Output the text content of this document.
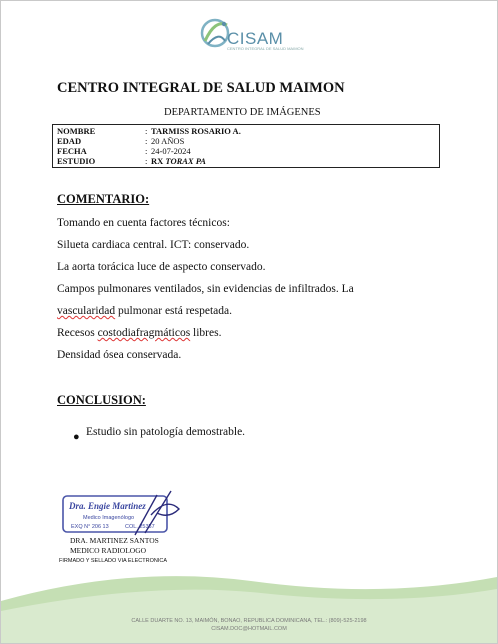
CISAM
CENTRO INTEGRAL DE SALUD MAIMON
CENTRO INTEGRAL DE SALUD MAIMON
DEPARTAMENTO DE IMÁGENES
NOMBRE	: TARMISS ROSARIO A.
EDAD	: 20 AÑOS
FECHA	: 24-07-2024
ESTUDIO	: RX TORAX PA
COMENTARIO:
Tomando en cuenta factores técnicos:
Silueta cardiaca central. ICT: conservado.
La aorta torácica luce de aspecto conservado.
Campos pulmonares ventilados, sin evidencias de infiltrados. La
vascularidad pulmonar está respetada.
Recesos costodiafragmáticos libres.
Densidad ósea conservada.
CONCLUSION:
● Estudio sin patología demostrable.
Dra. Engie Martinez
Medico Imagenólogo
EXQ N° 206 13	COL. 25357
DRA. MARTINEZ SANTOS
MEDICO RADIOLOGO
FIRMADO Y SELLADO VIA ELECTRONICA
CALLE DUARTE NO. 13, MAIMÓN, BONAO, REPUBLICA DOMINICANA, TEL.: (809)-525-2198
CISAM.DOC@HOTMAIL.COM
